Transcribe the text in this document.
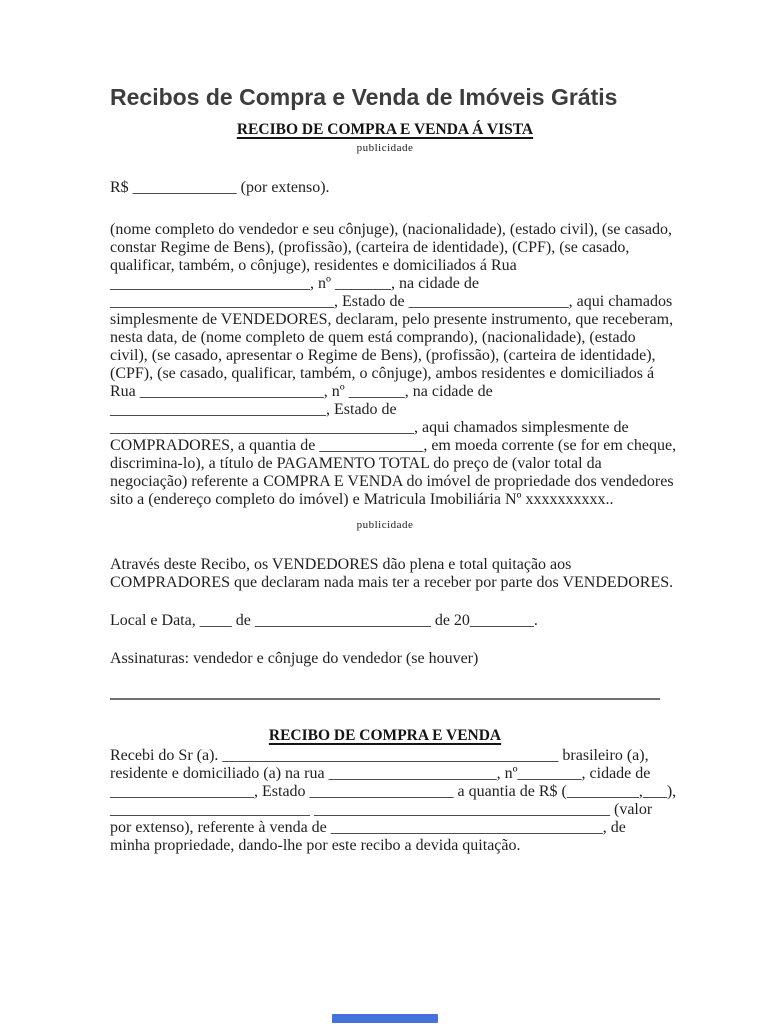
Recibos de Compra e Venda de Imóveis Grátis
RECIBO DE COMPRA E VENDA Á VISTA
publicidade
R$ _____________ (por extenso).
(nome completo do vendedor e seu cônjuge), (nacionalidade), (estado civil), (se casado,
constar Regime de Bens), (profissão), (carteira de identidade), (CPF), (se casado,
qualificar, também, o cônjuge), residentes e domiciliados á Rua
_________________________, nº _______, na cidade de
____________________________, Estado de ____________________, aqui chamados
simplesmente de VENDEDORES, declaram, pelo presente instrumento, que receberam,
nesta data, de (nome completo de quem está comprando), (nacionalidade), (estado
civil), (se casado, apresentar o Regime de Bens), (profissão), (carteira de identidade),
(CPF), (se casado, qualificar, também, o cônjuge), ambos residentes e domiciliados á
Rua _______________________, nº _______, na cidade de
___________________________, Estado de
______________________________________, aqui chamados simplesmente de
COMPRADORES, a quantia de _____________, em moeda corrente (se for em cheque,
discrimina-lo), a título de PAGAMENTO TOTAL do preço de (valor total da
negociação) referente a COMPRA E VENDA do imóvel de propriedade dos vendedores
sito a (endereço completo do imóvel) e Matricula Imobiliária Nº xxxxxxxxxx..
publicidade
Através deste Recibo, os VENDEDORES dão plena e total quitação aos
COMPRADORES que declaram nada mais ter a receber por parte dos VENDEDORES.
Local e Data, ____ de ______________________ de 20________.
Assinaturas: vendedor e cônjuge do vendedor (se houver)
RECIBO DE COMPRA E VENDA
Recebi do Sr (a). __________________________________________ brasileiro (a),
residente e domiciliado (a) na rua _____________________, nº________, cidade de
__________________, Estado __________________ a quantia de R$ (_________,___),
_________________________ _____________________________________ (valor
por extenso), referente à venda de __________________________________, de
minha propriedade, dando-lhe por este recibo a devida quitação.
